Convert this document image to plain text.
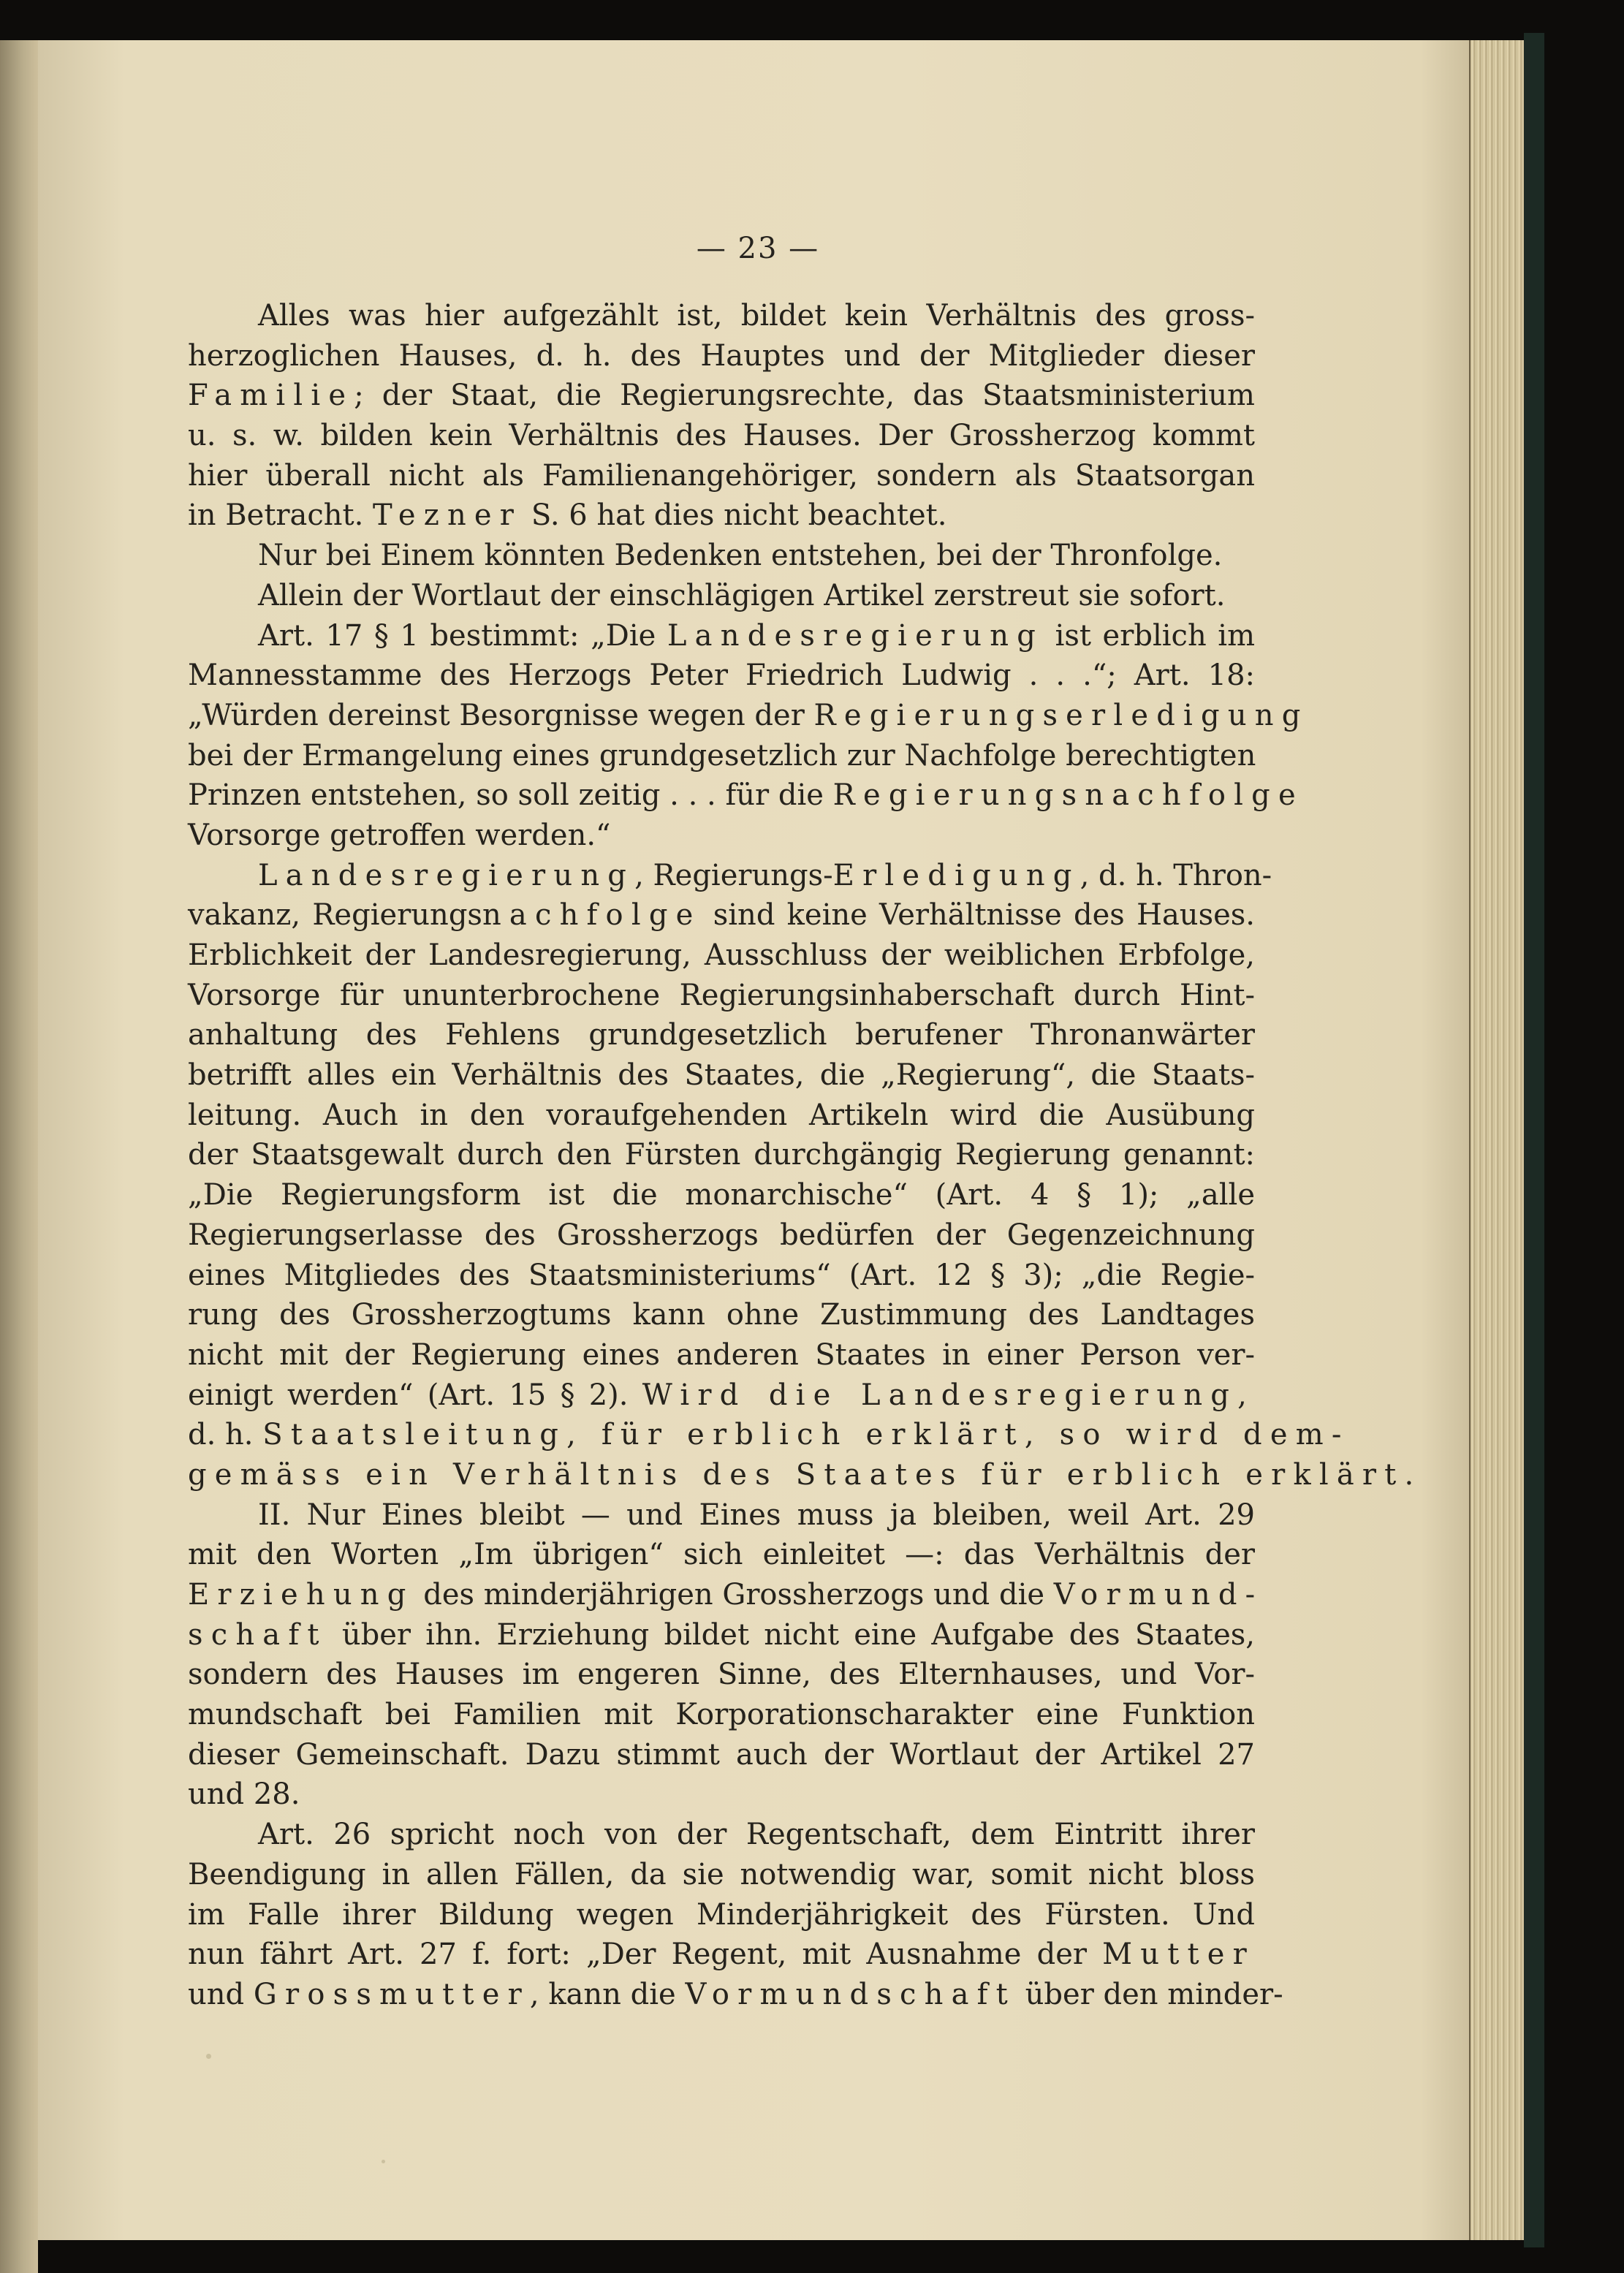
— 23 —
Alles was hier aufgezählt ist, bildet kein Verhältnis des gross-
herzoglichen Hauses, d. h. des Hauptes und der Mitglieder dieser
Familie; der Staat, die Regierungsrechte, das Staatsministerium
u. s. w. bilden kein Verhältnis des Hauses. Der Grossherzog kommt
hier überall nicht als Familienangehöriger, sondern als Staatsorgan
in Betracht. Tezner S. 6 hat dies nicht beachtet.
Nur bei Einem könnten Bedenken entstehen, bei der Thronfolge.
Allein der Wortlaut der einschlägigen Artikel zerstreut sie sofort.
Art. 17 § 1 bestimmt: „Die Landesregierung ist erblich im
Mannesstamme des Herzogs Peter Friedrich Ludwig . . .“; Art. 18:
„Würden dereinst Besorgnisse wegen der Regierungserledigung
bei der Ermangelung eines grundgesetzlich zur Nachfolge berechtigten
Prinzen entstehen, so soll zeitig . . . für die Regierungsnachfolge
Vorsorge getroffen werden.“
Landesregierung, Regierungs-Erledigung, d. h. Thron-
vakanz, Regierungsnachfolge sind keine Verhältnisse des Hauses.
Erblichkeit der Landesregierung, Ausschluss der weiblichen Erbfolge,
Vorsorge für ununterbrochene Regierungsinhaberschaft durch Hint-
anhaltung des Fehlens grundgesetzlich berufener Thronanwärter
betrifft alles ein Verhältnis des Staates, die „Regierung“, die Staats-
leitung. Auch in den voraufgehenden Artikeln wird die Ausübung
der Staatsgewalt durch den Fürsten durchgängig Regierung genannt:
„Die Regierungsform ist die monarchische“ (Art. 4 § 1); „alle
Regierungserlasse des Grossherzogs bedürfen der Gegenzeichnung
eines Mitgliedes des Staatsministeriums“ (Art. 12 § 3); „die Regie-
rung des Grossherzogtums kann ohne Zustimmung des Landtages
nicht mit der Regierung eines anderen Staates in einer Person ver-
einigt werden“ (Art. 15 § 2). Wird die Landesregierung,
d. h. Staatsleitung, für erblich erklärt, so wird dem-
gemäss ein Verhältnis des Staates für erblich erklärt.
II. Nur Eines bleibt — und Eines muss ja bleiben, weil Art. 29
mit den Worten „Im übrigen“ sich einleitet —: das Verhältnis der
Erziehung des minderjährigen Grossherzogs und die Vormund-
schaft über ihn. Erziehung bildet nicht eine Aufgabe des Staates,
sondern des Hauses im engeren Sinne, des Elternhauses, und Vor-
mundschaft bei Familien mit Korporationscharakter eine Funktion
dieser Gemeinschaft. Dazu stimmt auch der Wortlaut der Artikel 27
und 28.
Art. 26 spricht noch von der Regentschaft, dem Eintritt ihrer
Beendigung in allen Fällen, da sie notwendig war, somit nicht bloss
im Falle ihrer Bildung wegen Minderjährigkeit des Fürsten. Und
nun fährt Art. 27 f. fort: „Der Regent, mit Ausnahme der Mutter
und Grossmutter, kann die Vormundschaft über den minder-
